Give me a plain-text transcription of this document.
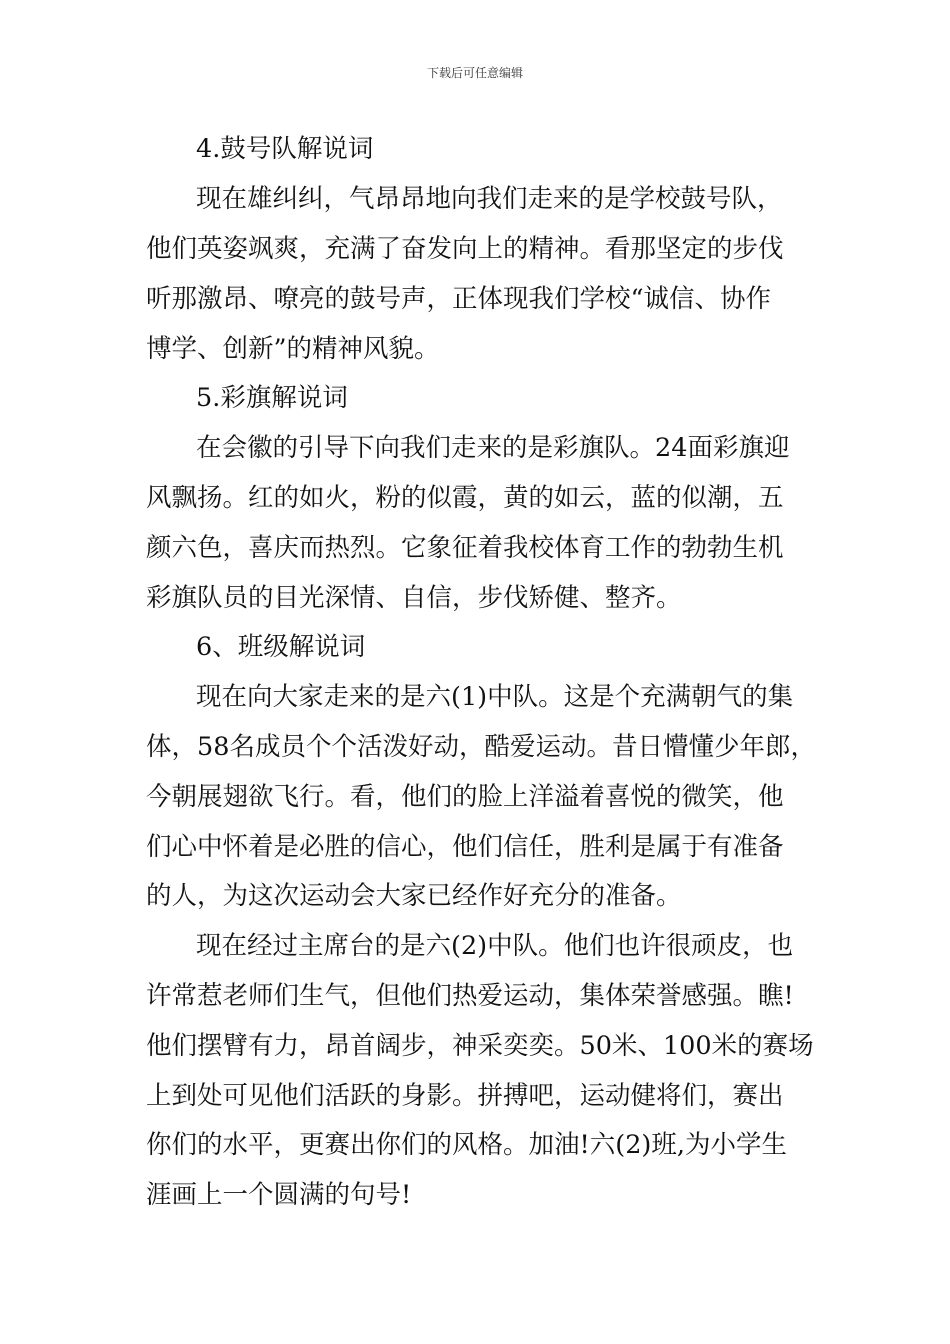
下载后可任意编辑
4.鼓号队解说词
现在雄纠纠，气昂昂地向我们走来的是学校鼓号队，
他们英姿飒爽，充满了奋发向上的精神。看那坚定的步伐
听那激昂、嘹亮的鼓号声，正体现我们学校“诚信、协作
博学、创新”的精神风貌。
5.彩旗解说词
在会徽的引导下向我们走来的是彩旗队。24面彩旗迎
风飘扬。红的如火，粉的似霞，黄的如云，蓝的似潮，五
颜六色，喜庆而热烈。它象征着我校体育工作的勃勃生机
彩旗队员的目光深情、自信，步伐矫健、整齐。
6、班级解说词
现在向大家走来的是六(1)中队。这是个充满朝气的集
体，58名成员个个活泼好动，酷爱运动。昔日懵懂少年郎，
今朝展翅欲飞行。看，他们的脸上洋溢着喜悦的微笑，他
们心中怀着是必胜的信心，他们信任，胜利是属于有准备
的人，为这次运动会大家已经作好充分的准备。
现在经过主席台的是六(2)中队。他们也许很顽皮，也
许常惹老师们生气，但他们热爱运动，集体荣誉感强。瞧!
他们摆臂有力，昂首阔步，神采奕奕。50米、100米的赛场
上到处可见他们活跃的身影。拼搏吧，运动健将们，赛出
你们的水平，更赛出你们的风格。加油!六(2)班,为小学生
涯画上一个圆满的句号!
